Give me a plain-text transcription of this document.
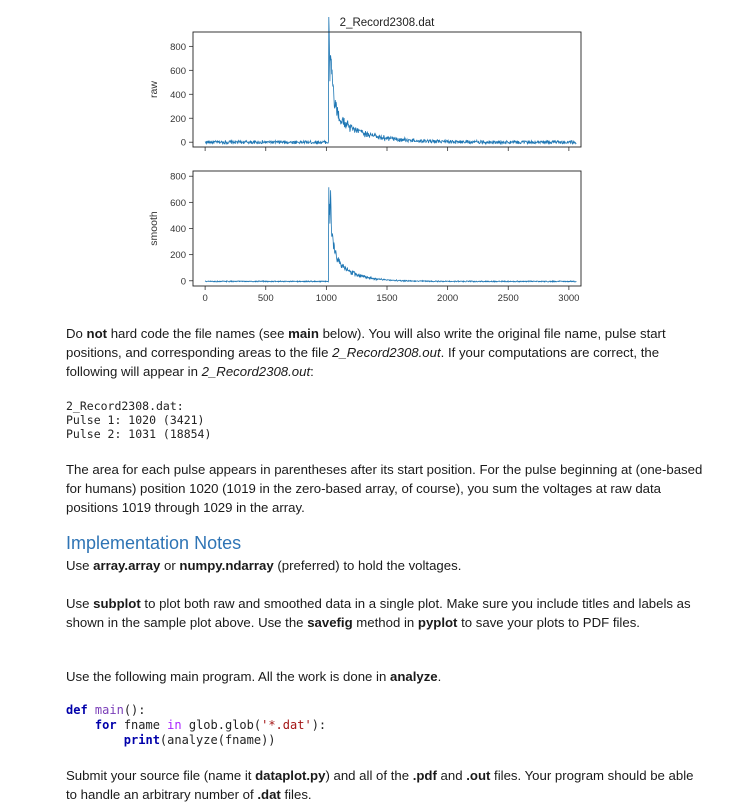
2_Record2308.dat
0
200
400
600
800
raw
0
200
400
600
800
0	500	1000	1500	2000	2500	3000
smooth
Do not hard code the file names (see main below). You will also write the original file name, pulse start positions, and corresponding areas to the file 2_Record2308.out. If your computations are correct, the following will appear in 2_Record2308.out:
2_Record2308.dat:
Pulse 1: 1020 (3421)
Pulse 2: 1031 (18854)
The area for each pulse appears in parentheses after its start position. For the pulse beginning at (one-based for humans) position 1020 (1019 in the zero-based array, of course), you sum the voltages at raw data positions 1019 through 1029 in the array.
Implementation Notes
Use array.array or numpy.ndarray (preferred) to hold the voltages.
Use subplot to plot both raw and smoothed data in a single plot. Make sure you include titles and labels as shown in the sample plot above. Use the savefig method in pyplot to save your plots to PDF files.
Use the following main program. All the work is done in analyze.
def main():
for fname in glob.glob('*.dat'):
print(analyze(fname))
Submit your source file (name it dataplot.py) and all of the .pdf and .out files. Your program should be able to handle an arbitrary number of .dat files.
